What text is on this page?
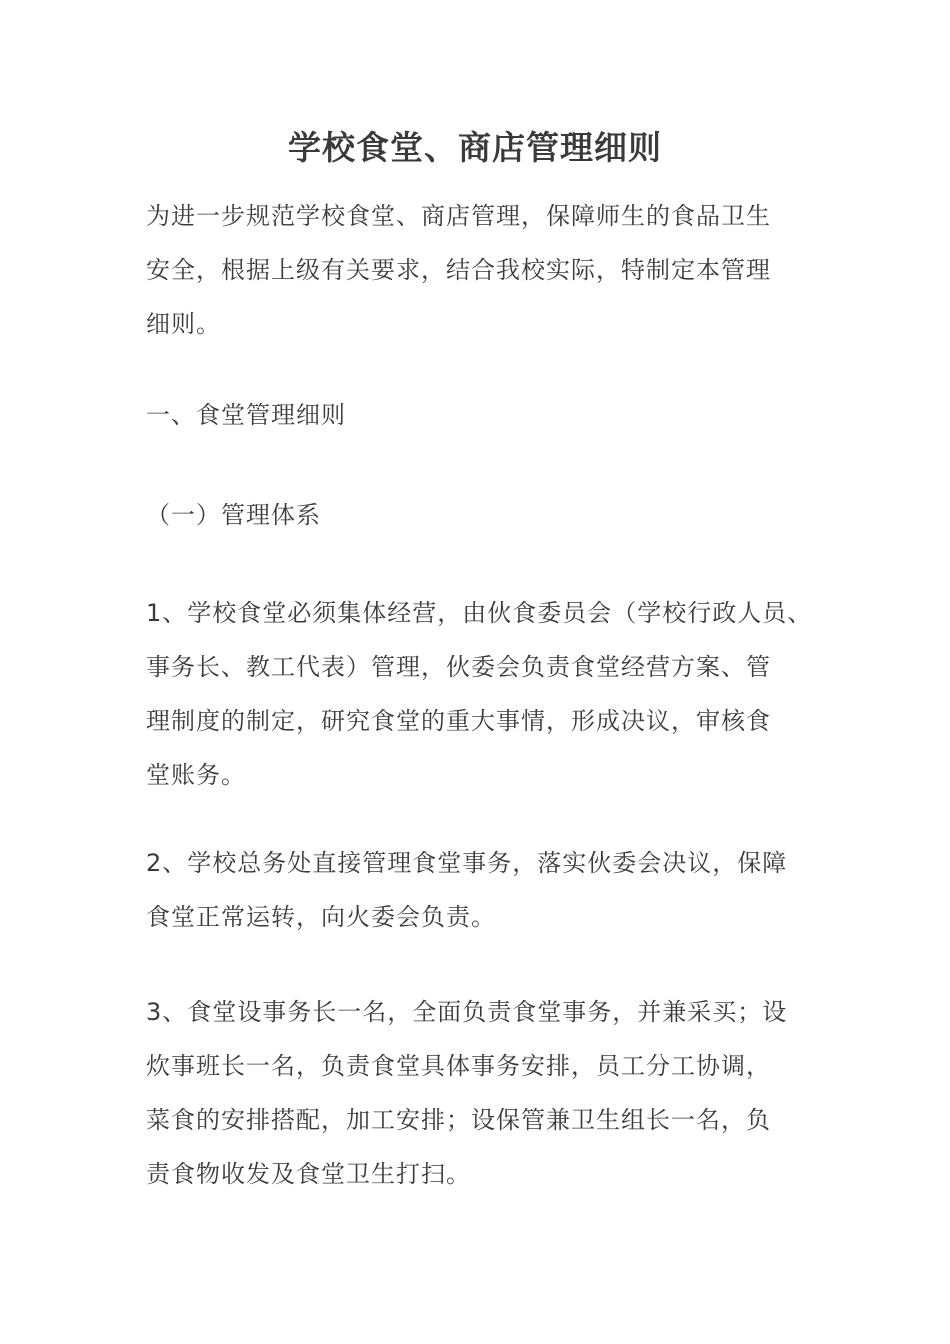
学校食堂、商店管理细则

为进一步规范学校食堂、商店管理，保障师生的食品卫生
安全，根据上级有关要求，结合我校实际，特制定本管理
细则。

一、食堂管理细则

（一）管理体系

1、学校食堂必须集体经营，由伙食委员会（学校行政人员、
事务长、教工代表）管理，伙委会负责食堂经营方案、管
理制度的制定，研究食堂的重大事情，形成决议，审核食
堂账务。

2、学校总务处直接管理食堂事务，落实伙委会决议，保障
食堂正常运转，向火委会负责。

3、食堂设事务长一名，全面负责食堂事务，并兼采买；设
炊事班长一名，负责食堂具体事务安排，员工分工协调，
菜食的安排搭配，加工安排；设保管兼卫生组长一名，负
责食物收发及食堂卫生打扫。
